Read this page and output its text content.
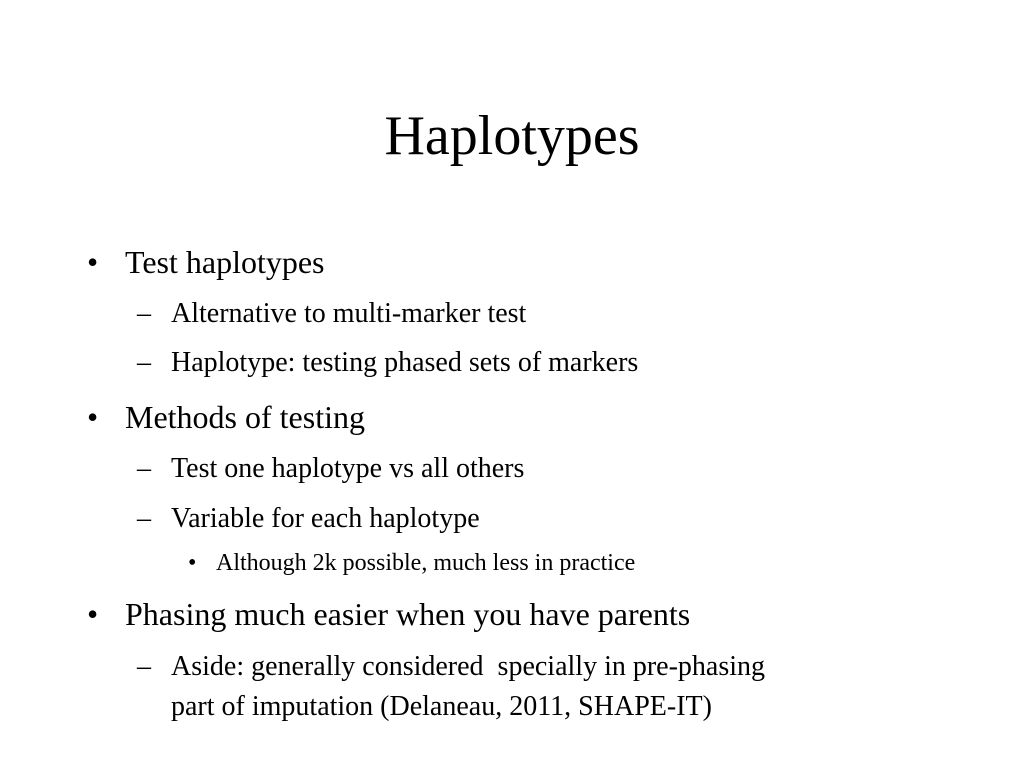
Haplotypes
• Test haplotypes
– Alternative to multi-marker test
– Haplotype: testing phased sets of markers
• Methods of testing
– Test one haplotype vs all others
– Variable for each haplotype
• Although 2k possible, much less in practice
• Phasing much easier when you have parents
– Aside: generally considered  specially in pre-phasing
part of imputation (Delaneau, 2011, SHAPE-IT)
